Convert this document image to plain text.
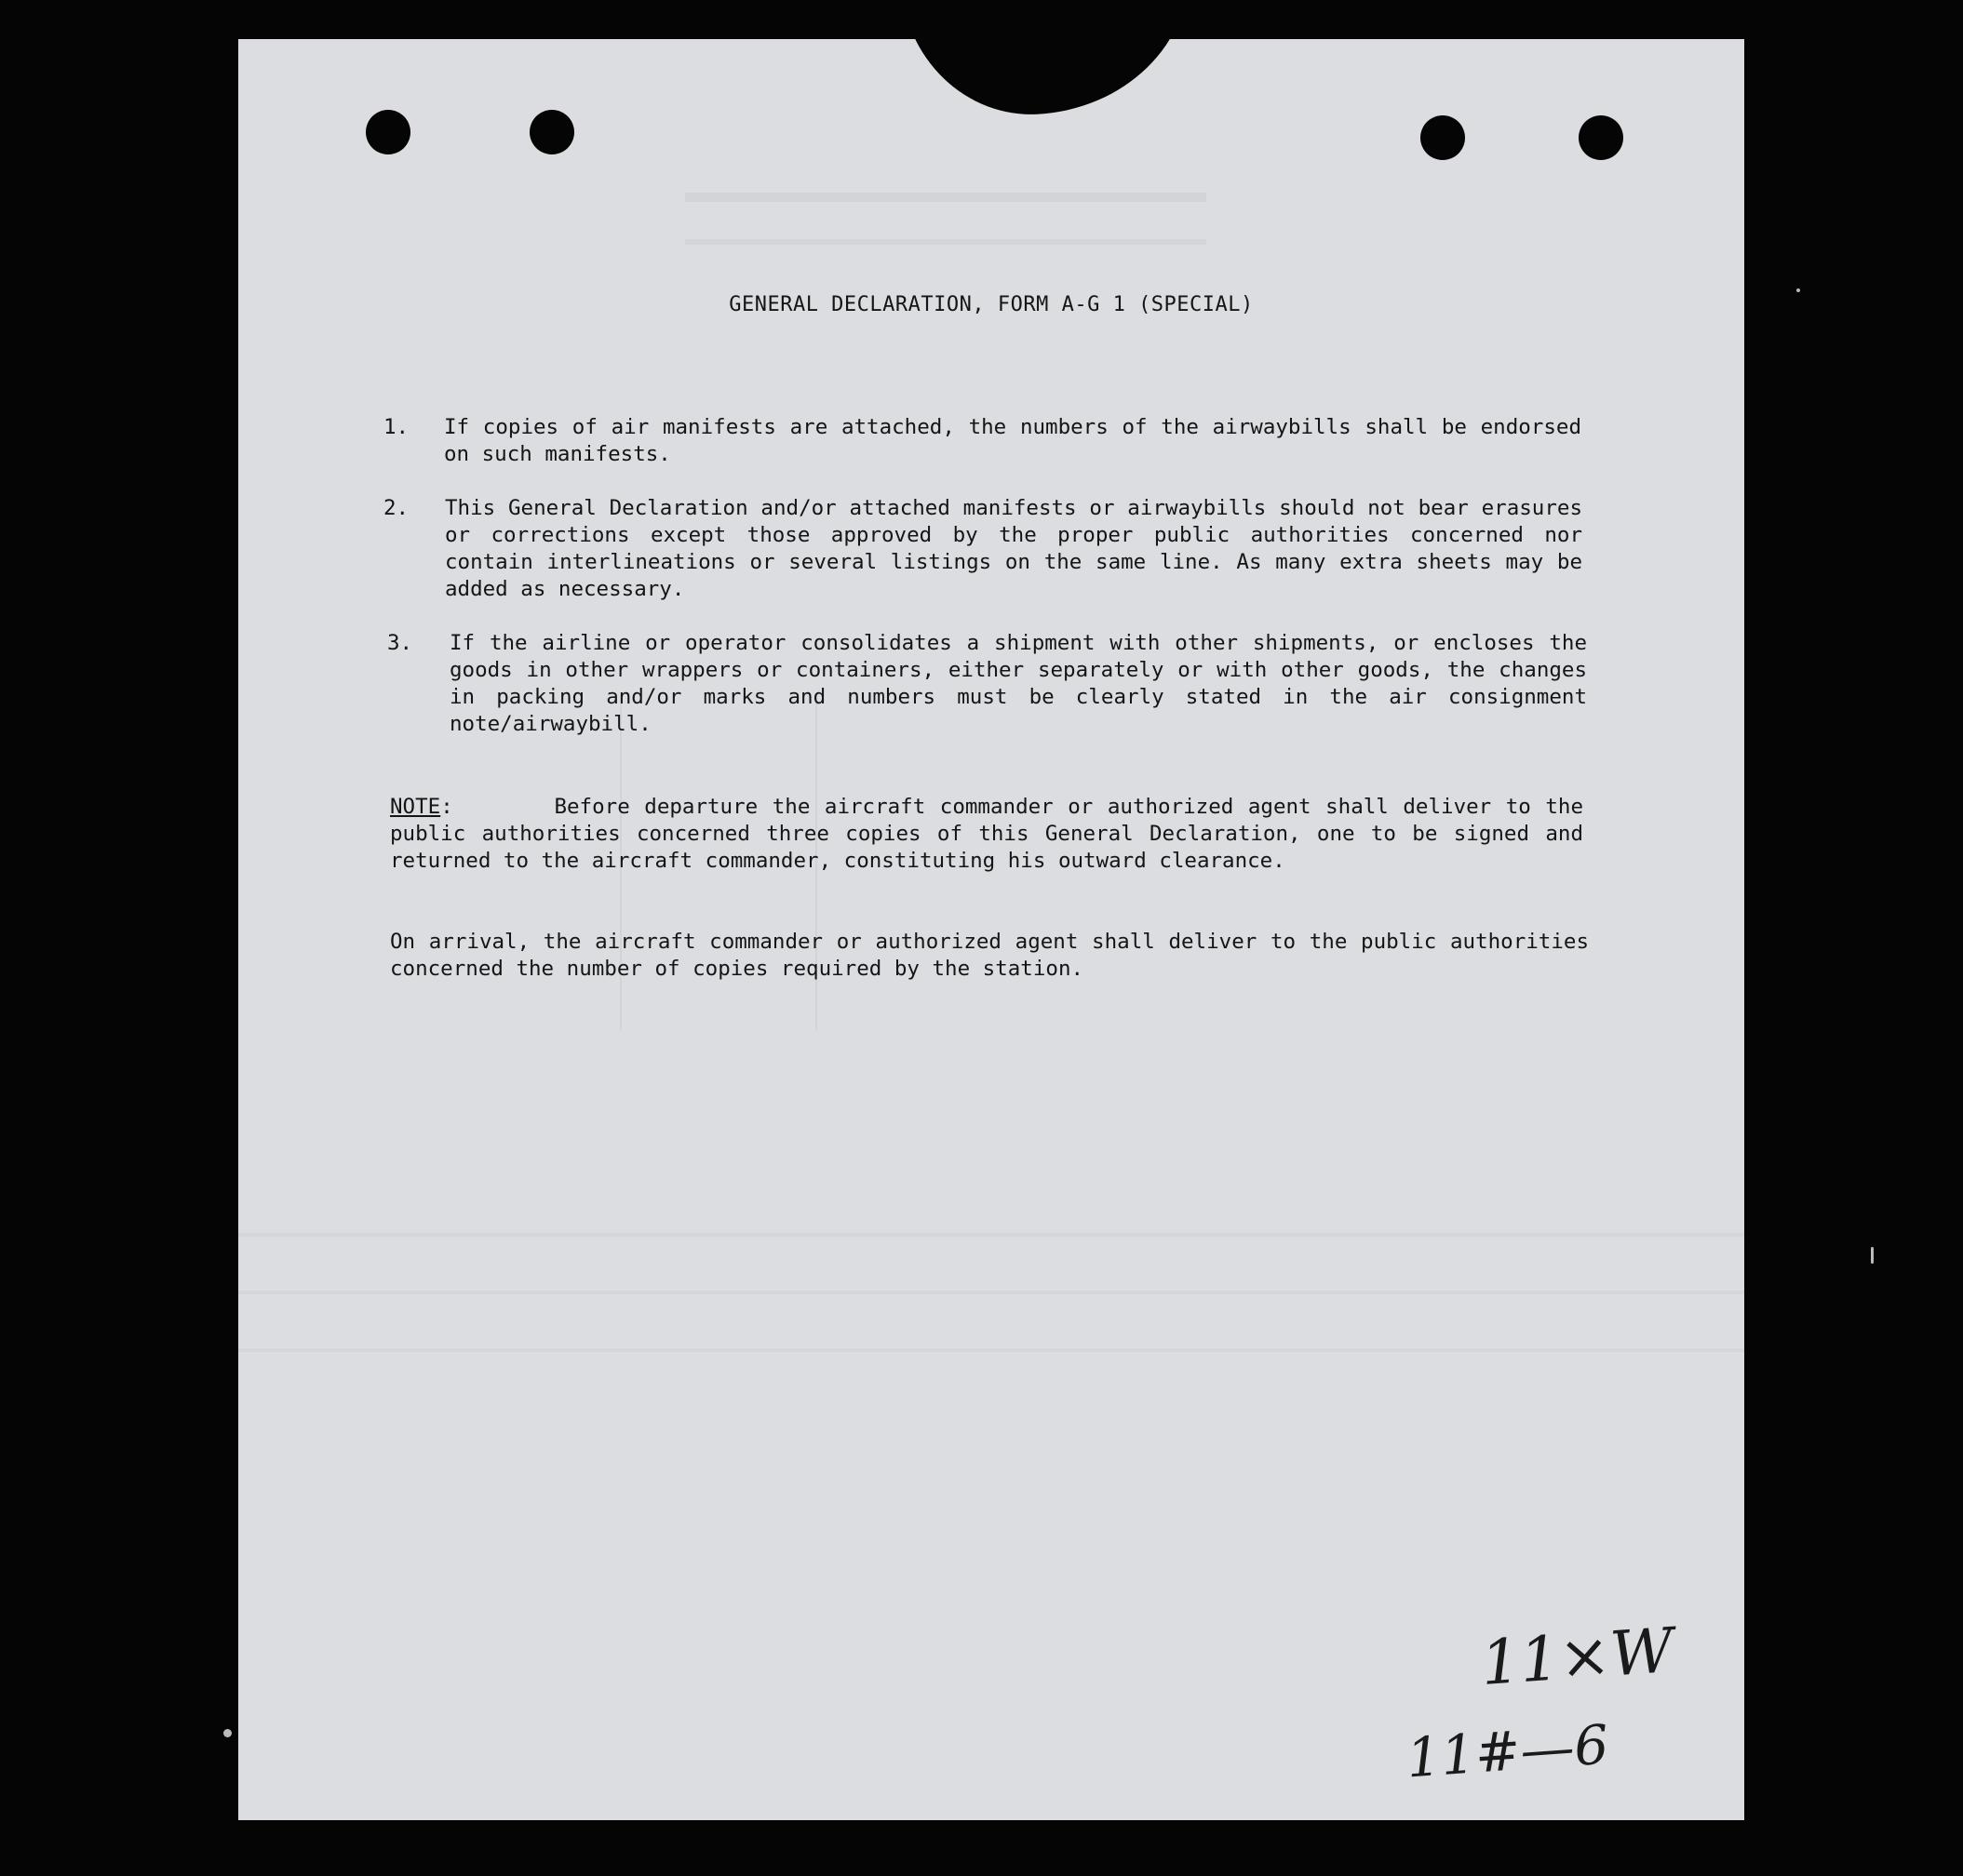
GENERAL DECLARATION, FORM A-G 1 (SPECIAL)
1. If copies of air manifests are attached, the numbers of the airwaybills shall be endorsed on such manifests.
2. This General Declaration and/or attached manifests or airwaybills should not bear erasures or corrections except those approved by the proper public authorities concerned nor contain interlineations or several listings on the same line. As many extra sheets may be added as necessary.
3. If the airline or operator consolidates a shipment with other shipments, or encloses the goods in other wrappers or containers, either separately or with other goods, the changes in packing and/or marks and numbers must be clearly stated in the air consignment note/airwaybill.
NOTE:       Before departure the aircraft commander or authorized agent shall deliver to the public authorities concerned three copies of this General Declaration, one to be signed and returned to the aircraft commander, constituting his outward clearance.
On arrival, the aircraft commander or authorized agent shall deliver to the public authorities concerned the number of copies required by the station.
11×W
11#—6
